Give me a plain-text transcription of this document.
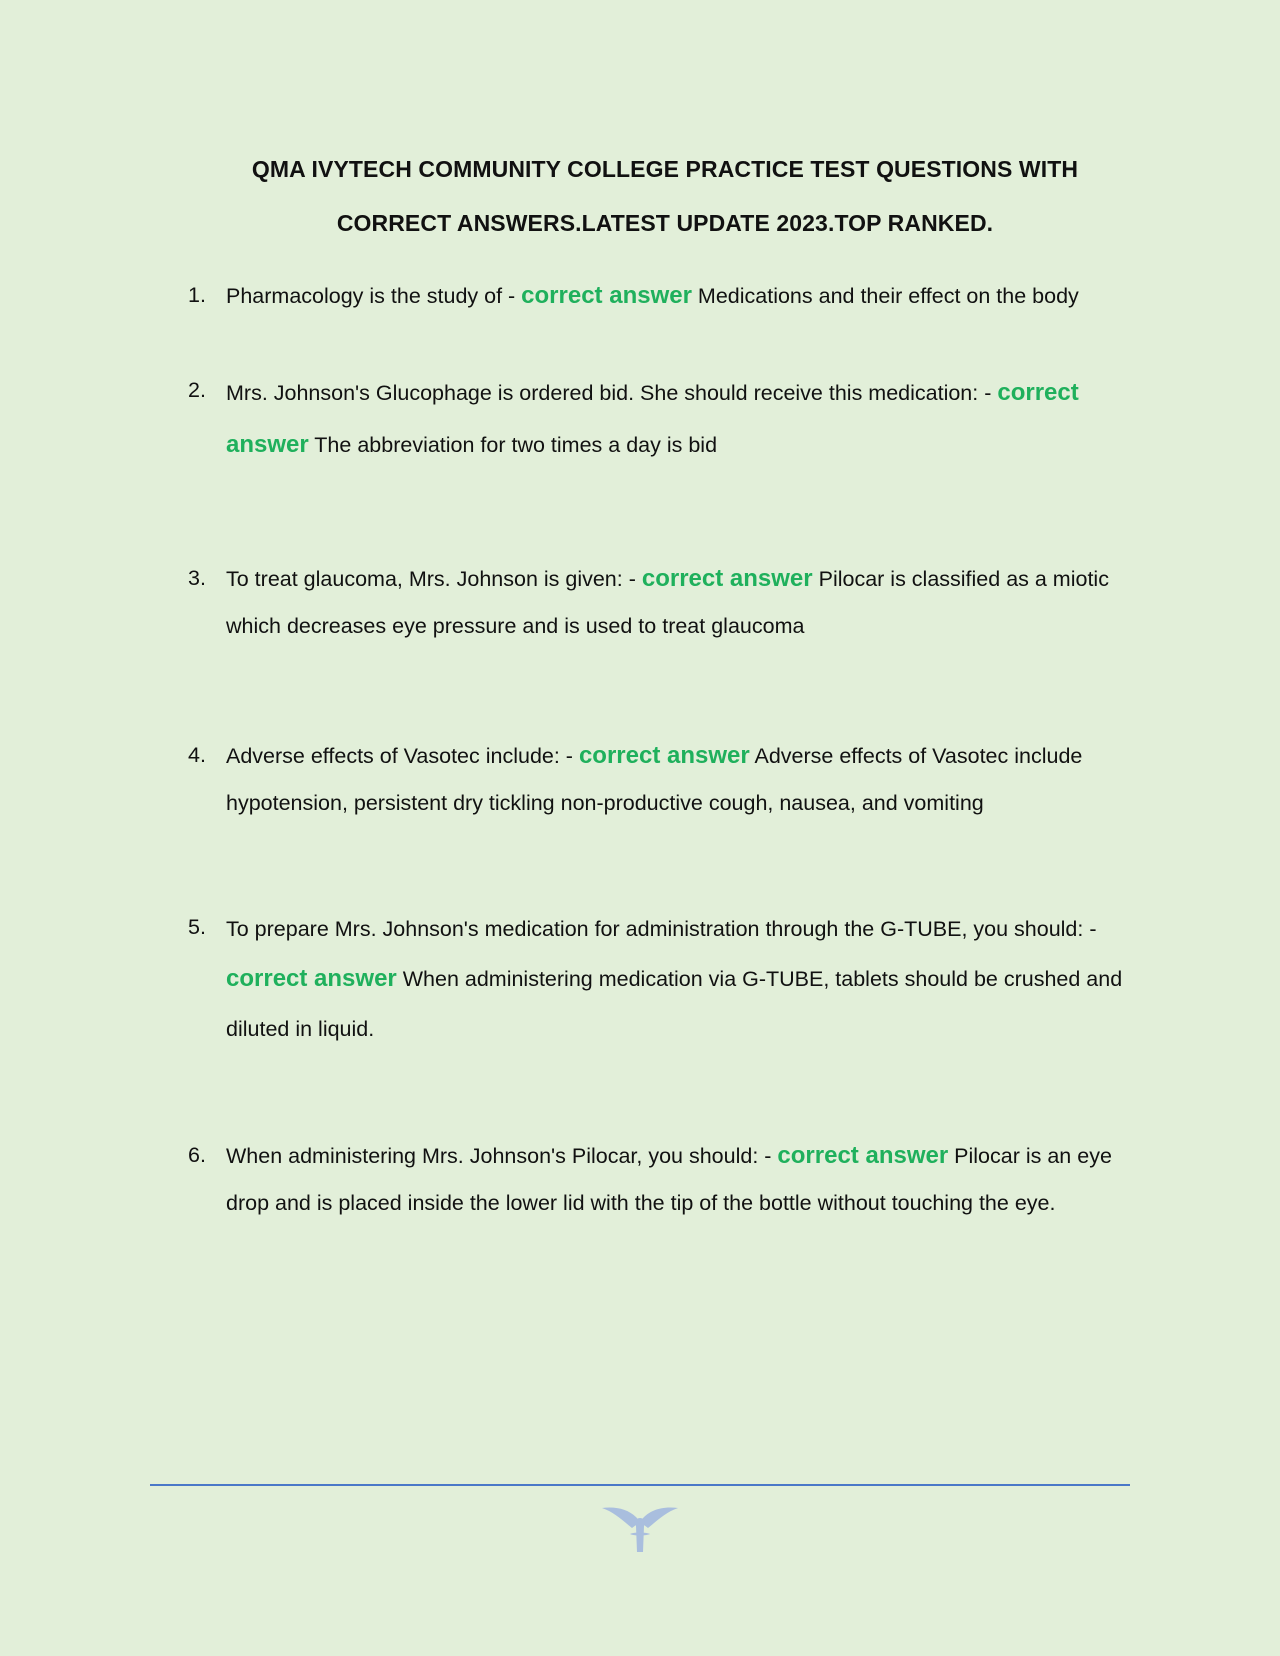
QMA IVYTECH COMMUNITY COLLEGE PRACTICE TEST QUESTIONS WITH
CORRECT ANSWERS.LATEST UPDATE 2023.TOP RANKED.
1. Pharmacology is the study of - correct answer Medications and their effect on the body
2. Mrs. Johnson's Glucophage is ordered bid. She should receive this medication: - correct answer The abbreviation for two times a day is bid
3. To treat glaucoma, Mrs. Johnson is given: - correct answer Pilocar is classified as a miotic which decreases eye pressure and is used to treat glaucoma
4. Adverse effects of Vasotec include: - correct answer Adverse effects of Vasotec include hypotension, persistent dry tickling non-productive cough, nausea, and vomiting
5. To prepare Mrs. Johnson's medication for administration through the G-TUBE, you should: - correct answer When administering medication via G-TUBE, tablets should be crushed and diluted in liquid.
6. When administering Mrs. Johnson's Pilocar, you should: - correct answer Pilocar is an eye drop and is placed inside the lower lid with the tip of the bottle without touching the eye.
